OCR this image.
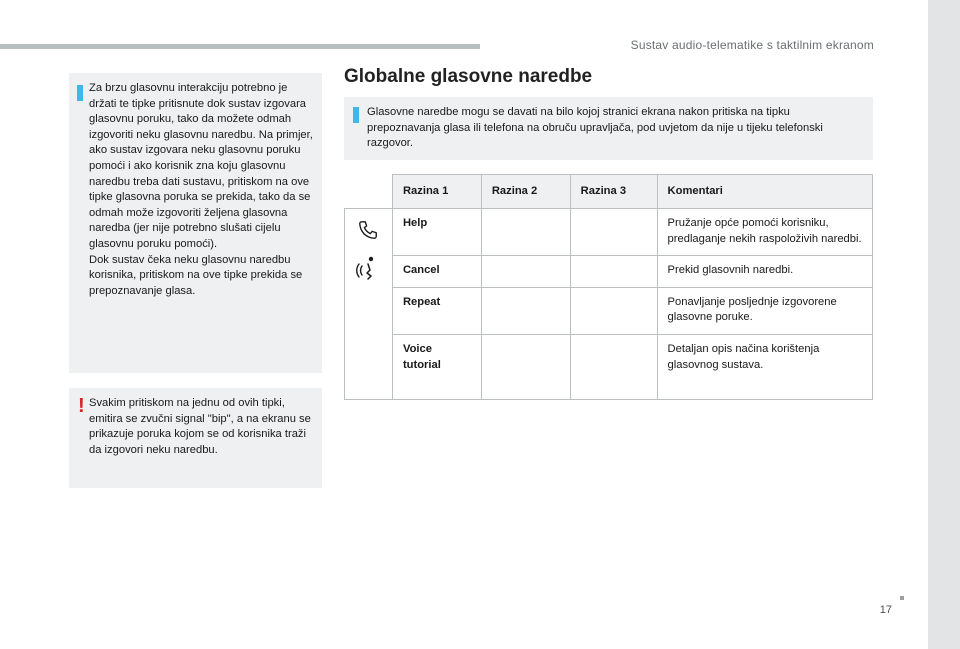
Sustav audio-telematike s taktilnim ekranom
17

Za brzu glasovnu interakciju potrebno je držati te tipke pritisnute dok sustav izgovara glasovnu poruku, tako da možete odmah izgovoriti neku glasovnu naredbu. Na primjer, ako sustav izgovara neku glasovnu poruku pomoći i ako korisnik zna koju glasovnu naredbu treba dati sustavu, pritiskom na ove tipke glasovna poruka se prekida, tako da se odmah može izgovoriti željena glasovna naredba (jer nije potrebno slušati cijelu glasovnu poruku pomoći).

Dok sustav čeka neku glasovnu naredbu korisnika, pritiskom na ove tipke prekida se prepoznavanje glasa.

! Svakim pritiskom na jednu od ovih tipki, emitira se zvučni signal "bip", a na ekranu se prikazuje poruka kojom se od korisnika traži da izgovori neku naredbu.

Globalne glasovne naredbe

Glasovne naredbe mogu se davati na bilo kojoj stranici ekrana nakon pritiska na tipku prepoznavanja glasa ili telefona na obruču upravljača, pod uvjetom da nije u tijeku telefonski razgovor.

	Razina 1	Razina 2	Razina 3	Komentari

	Help			Pružanje opće pomoći korisniku, predlaganje nekih raspoloživih naredbi.
	Cancel			Prekid glasovnih naredbi.
	Repeat			Ponavljanje posljednje izgovorene glasovne poruke.
	Voice tutorial			Detaljan opis načina korištenja glasovnog sustava.
